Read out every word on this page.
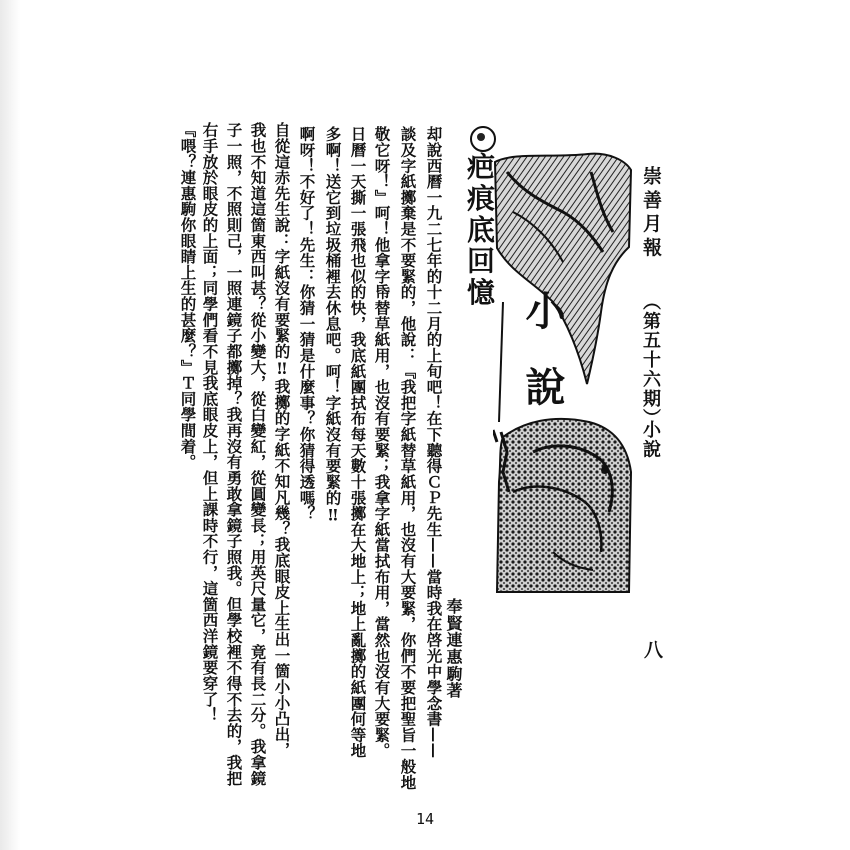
崇善月報
（第五十六期）
小說
八
小
說
疤痕底回憶
奉賢連惠駒著
却說西曆一九二七年的十二月的上旬吧！在下聽得ＣＰ先生——當時我在啓光中學念書——
談及字紙擲棄是不要緊的，他說：『我把字紙替草紙用，也沒有大要緊，你們不要把聖旨一般地
敬它呀！』呵！他拿字帋替草紙用，也沒有要緊；我拿字紙當拭布用，當然也沒有大要緊。
日曆一天撕一張飛也似的快，我底紙團拭布每天數十張擲在大地上；地上亂擲的紙團何等地
多啊！送它到垃圾桶裡去休息吧。呵！字紙沒有要緊的‼
啊呀！不好了！先生：你猜一猜是什麼事？你猜得透嗎？
自從這赤先生說：字紙沒有要緊的‼我擲的字紙不知凡幾？我底眼皮上生出一箇小小凸出，
我也不知道這箇東西叫甚？從小變大，從白變紅，從圓變長；用英尺量它，竟有長二分。我拿鏡
子一照，不照則己，一照連鏡子都擲掉？我再沒有勇敢拿鏡子照我。但學校裡不得不去的，我把
右手放於眼皮的上面；同學們看不見我底眼皮上，但上課時不行，這箇西洋鏡要穿了！
『喂？連惠駒你眼睛上生的甚麼？』Ｔ同學間着。
14
